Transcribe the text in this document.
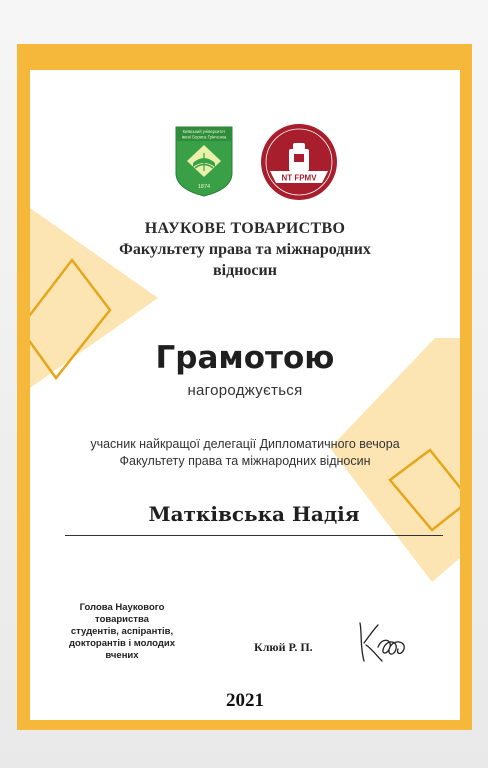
Київський університет
імені Бориса Грінченка
1874
NT FPMV
НАУКОВЕ ТОВАРИСТВО
Факультету права та міжнародних
відносин
Грамотою
нагороджується
учасник найкращої делегації Дипломатичного вечора
Факультету права та міжнародних відносин
Матківська Надія
Голова Наукового
товариства
студентів, аспірантів,
докторантів і молодих
вчених
Клюй Р. П.
2021
